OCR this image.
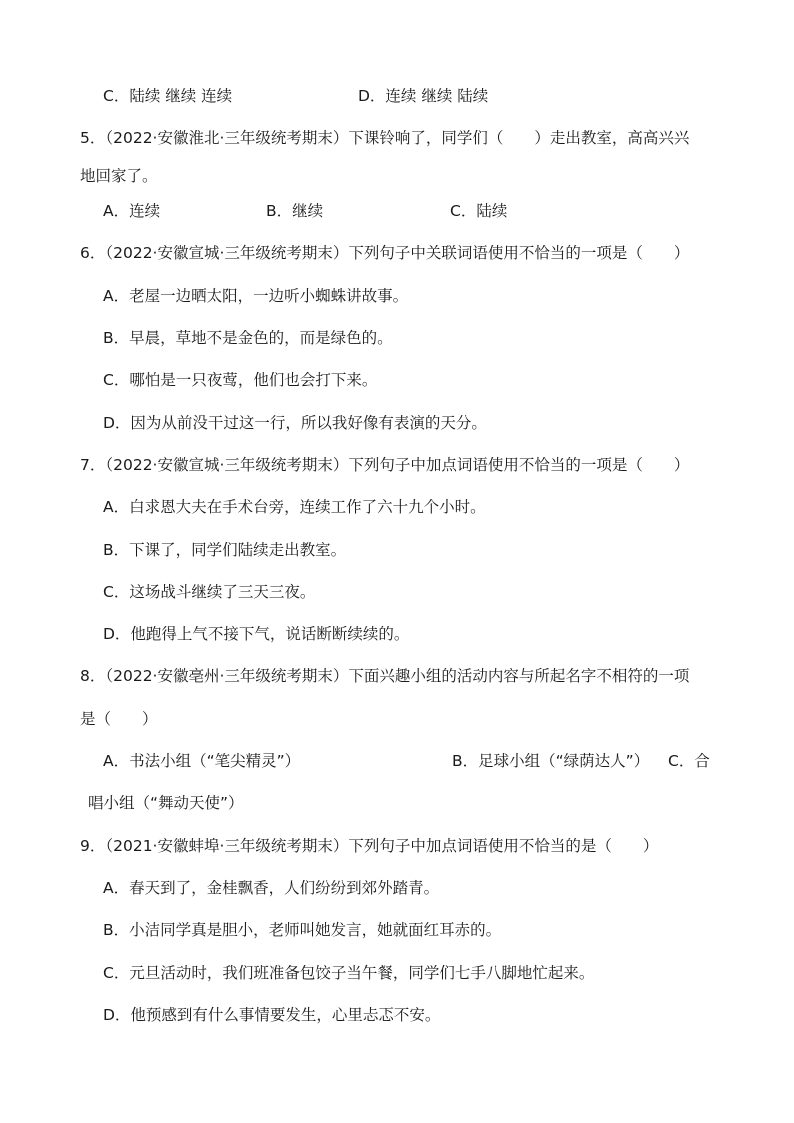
C．陆续 继续 连续	D．连续 继续 陆续
5．（2022·安徽淮北·三年级统考期末）下课铃响了，同学们（　　）走出教室，高高兴兴
地回家了。
A．连续	B．继续	C．陆续
6．（2022·安徽宣城·三年级统考期末）下列句子中关联词语使用不恰当的一项是（　　）
A．老屋一边晒太阳，一边听小蜘蛛讲故事。
B．早晨，草地不是金色的，而是绿色的。
C．哪怕是一只夜莺，他们也会打下来。
D．因为从前没干过这一行，所以我好像有表演的天分。
7．（2022·安徽宣城·三年级统考期末）下列句子中加点词语使用不恰当的一项是（　　）
A．白求恩大夫在手术台旁，连续工作了六十九个小时。
B．下课了，同学们陆续走出教室。
C．这场战斗继续了三天三夜。
D．他跑得上气不接下气，说话断断续续的。
8．（2022·安徽亳州·三年级统考期末）下面兴趣小组的活动内容与所起名字不相符的一项
是（　　）
A．书法小组（“笔尖精灵”）	B．足球小组（“绿荫达人”） C．合
唱小组（“舞动天使”）
9．（2021·安徽蚌埠·三年级统考期末）下列句子中加点词语使用不恰当的是（　　）
A．春天到了，金桂飘香，人们纷纷到郊外踏青。
B．小洁同学真是胆小，老师叫她发言，她就面红耳赤的。
C．元旦活动时，我们班准备包饺子当午餐，同学们七手八脚地忙起来。
D．他预感到有什么事情要发生，心里忐忑不安。
